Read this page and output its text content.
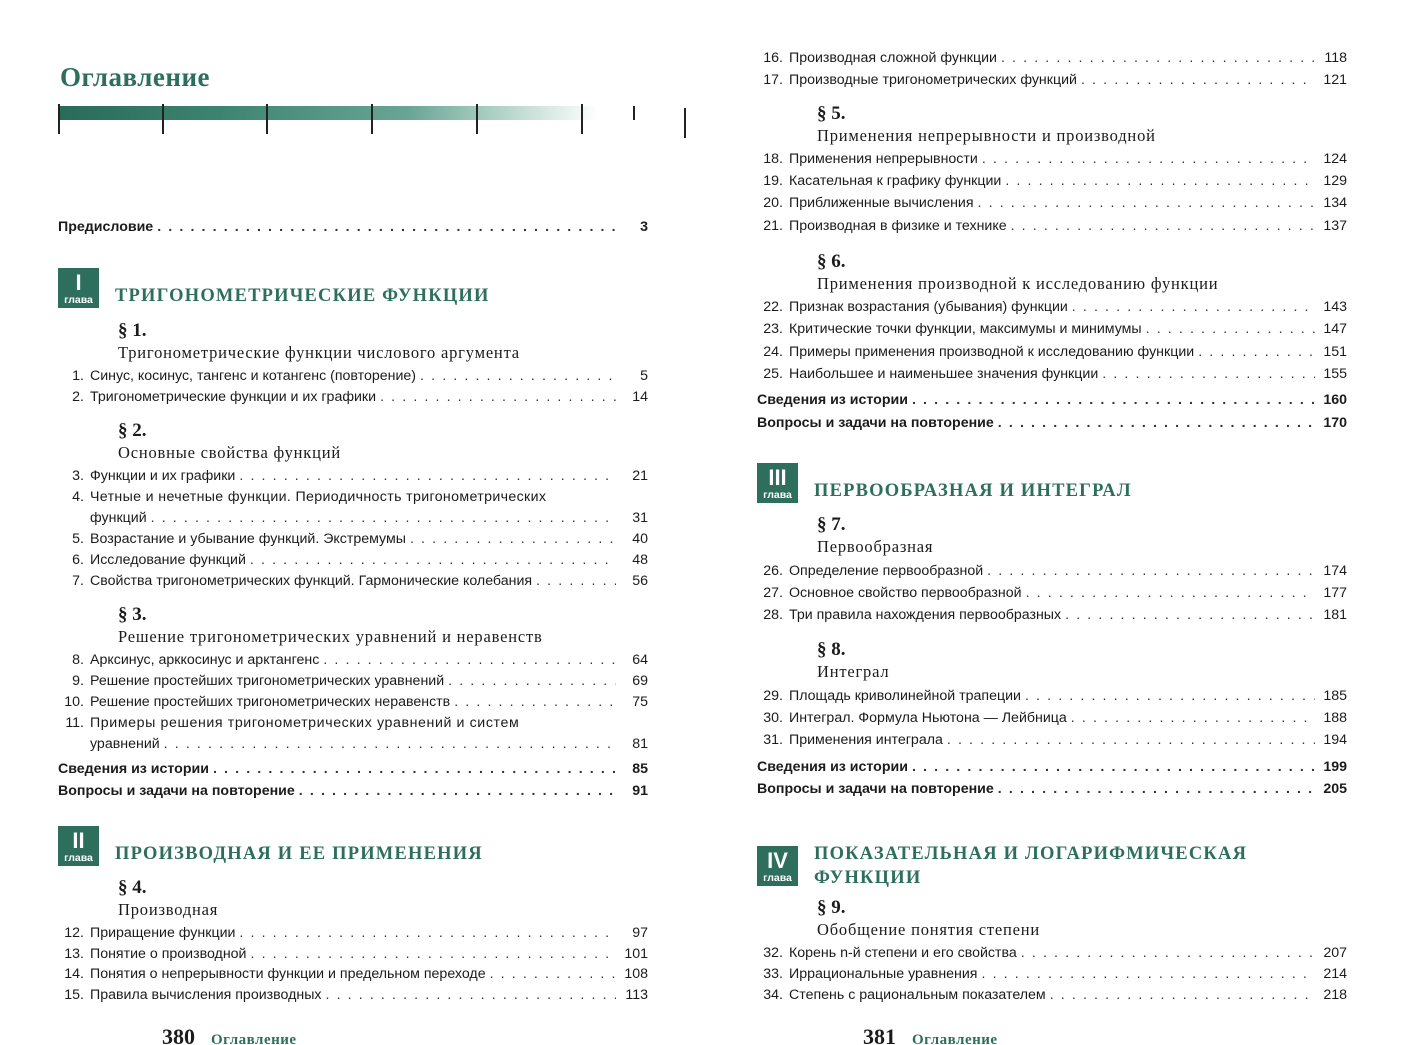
Оглавление
Предисловие . . .	3
I
глава ТРИГОНОМЕТРИЧЕСКИЕ ФУНКЦИИ
§ 1.
Тригонометрические функции числового аргумента
1. Синус, косинус, тангенс и котангенс (повторение) . . .	5
2. Тригонометрические функции и их графики . . .	14
§ 2.
Основные свойства функций
3. Функции и их графики . . .	21
4. Четные и нечетные функции. Периодичность тригонометрических
функций . . .	31
5. Возрастание и убывание функций. Экстремумы . . .	40
6. Исследование функций . . .	48
7. Свойства тригонометрических функций. Гармонические колебания . . .	56
§ 3.
Решение тригонометрических уравнений и неравенств
8. Арксинус, арккосинус и арктангенс . . .	64
9. Решение простейших тригонометрических уравнений . . .	69
10. Решение простейших тригонометрических неравенств . . .	75
11. Примеры решения тригонометрических уравнений и систем
уравнений . . .	81
Сведения из истории . . .	85
Вопросы и задачи на повторение . . .	91
II
глава ПРОИЗВОДНАЯ И ЕЕ ПРИМЕНЕНИЯ
§ 4.
Производная
12. Приращение функции . . .	97
13. Понятие о производной . . .	101
14. Понятия о непрерывности функции и предельном переходе . . .	108
15. Правила вычисления производных . . .	113
380 Оглавление
16. Производная сложной функции . . .	118
17. Производные тригонометрических функций . . .	121
§ 5.
Применения непрерывности и производной
18. Применения непрерывности . . .	124
19. Касательная к графику функции . . .	129
20. Приближенные вычисления . . .	134
21. Производная в физике и технике . . .	137
§ 6.
Применения производной к исследованию функции
22. Признак возрастания (убывания) функции . . .	143
23. Критические точки функции, максимумы и минимумы . . .	147
24. Примеры применения производной к исследованию функции . . .	151
25. Наибольшее и наименьшее значения функции . . .	155
Сведения из истории . . .	160
Вопросы и задачи на повторение . . .	170
III
глава ПЕРВООБРАЗНАЯ И ИНТЕГРАЛ
§ 7.
Первообразная
26. Определение первообразной . . .	174
27. Основное свойство первообразной . . .	177
28. Три правила нахождения первообразных . . .	181
§ 8.
Интеграл
29. Площадь криволинейной трапеции . . .	185
30. Интеграл. Формула Ньютона — Лейбница . . .	188
31. Применения интеграла . . .	194
Сведения из истории . . .	199
Вопросы и задачи на повторение . . .	205
IV
глава
ПОКАЗАТЕЛЬНАЯ И ЛОГАРИФМИЧЕСКАЯ
ФУНКЦИИ
§ 9.
Обобщение понятия степени
32. Корень n-й степени и его свойства . . .	207
33. Иррациональные уравнения . . .	214
34. Степень с рациональным показателем . . .	218
381 Оглавление
